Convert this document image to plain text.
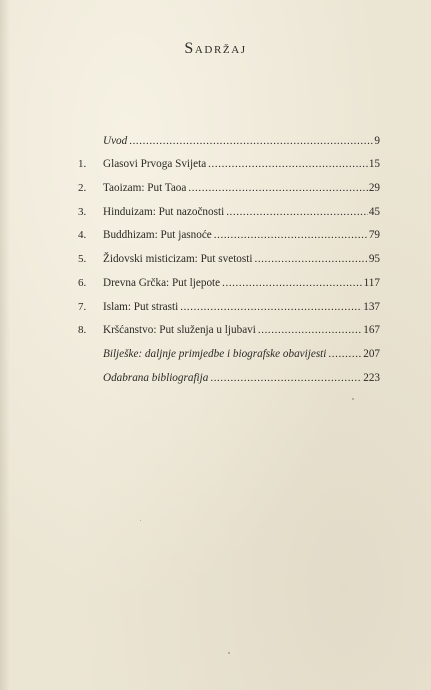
Sadržaj
Uvod .....	9
1.	Glasovi Prvoga Svijeta .....	15
2.	Taoizam: Put Taoa .....	29
3.	Hinduizam: Put nazočnosti .....	45
4.	Buddhizam: Put jasnoće .....	79
5.	Židovski misticizam: Put svetosti .....	95
6.	Drevna Grčka: Put ljepote .....	117
7.	Islam: Put strasti .....	137
8.	Kršćanstvo: Put služenja u ljubavi .....	167
Bilješke: daljnje primjedbe i biografske obavijesti .....	207
Odabrana bibliografija .....	223
